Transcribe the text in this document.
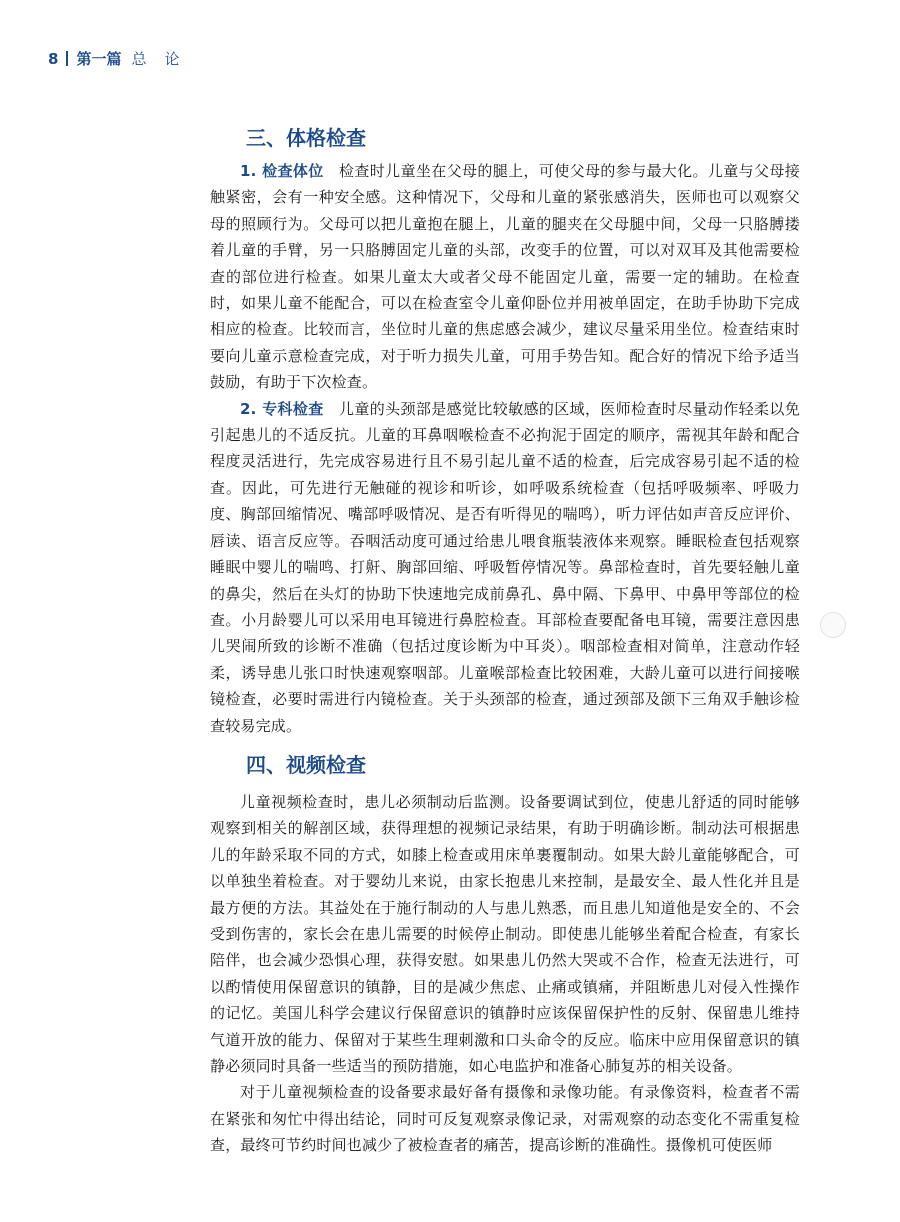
8 第一篇 总论
三、体格检查

1. 检查体位  检查时儿童坐在父母的腿上，可使父母的参与最大化。儿童与父母接触紧密，会有一种安全感。这种情况下，父母和儿童的紧张感消失，医师也可以观察父母的照顾行为。父母可以把儿童抱在腿上，儿童的腿夹在父母腿中间，父母一只胳膊搂着儿童的手臂，另一只胳膊固定儿童的头部，改变手的位置，可以对双耳及其他需要检查的部位进行检查。如果儿童太大或者父母不能固定儿童，需要一定的辅助。在检查时，如果儿童不能配合，可以在检查室令儿童仰卧位并用被单固定，在助手协助下完成相应的检查。比较而言，坐位时儿童的焦虑感会减少，建议尽量采用坐位。检查结束时要向儿童示意检查完成，对于听力损失儿童，可用手势告知。配合好的情况下给予适当鼓励，有助于下次检查。

2. 专科检查  儿童的头颈部是感觉比较敏感的区域，医师检查时尽量动作轻柔以免引起患儿的不适反抗。儿童的耳鼻咽喉检查不必拘泥于固定的顺序，需视其年龄和配合程度灵活进行，先完成容易进行且不易引起儿童不适的检查，后完成容易引起不适的检查。因此，可先进行无触碰的视诊和听诊，如呼吸系统检查（包括呼吸频率、呼吸力度、胸部回缩情况、嘴部呼吸情况、是否有听得见的喘鸣），听力评估如声音反应评价、唇读、语言反应等。吞咽活动度可通过给患儿喂食瓶装液体来观察。睡眠检查包括观察睡眠中婴儿的喘鸣、打鼾、胸部回缩、呼吸暂停情况等。鼻部检查时，首先要轻触儿童的鼻尖，然后在头灯的协助下快速地完成前鼻孔、鼻中隔、下鼻甲、中鼻甲等部位的检查。小月龄婴儿可以采用电耳镜进行鼻腔检查。耳部检查要配备电耳镜，需要注意因患儿哭闹所致的诊断不准确（包括过度诊断为中耳炎）。咽部检查相对简单，注意动作轻柔，诱导患儿张口时快速观察咽部。儿童喉部检查比较困难，大龄儿童可以进行间接喉镜检查，必要时需进行内镜检查。关于头颈部的检查，通过颈部及颌下三角双手触诊检查较易完成。

四、视频检查

儿童视频检查时，患儿必须制动后监测。设备要调试到位，使患儿舒适的同时能够观察到相关的解剖区域，获得理想的视频记录结果，有助于明确诊断。制动法可根据患儿的年龄采取不同的方式，如膝上检查或用床单裹覆制动。如果大龄儿童能够配合，可以单独坐着检查。对于婴幼儿来说，由家长抱患儿来控制，是最安全、最人性化并且是最方便的方法。其益处在于施行制动的人与患儿熟悉，而且患儿知道他是安全的、不会受到伤害的，家长会在患儿需要的时候停止制动。即使患儿能够坐着配合检查，有家长陪伴，也会减少恐惧心理，获得安慰。如果患儿仍然大哭或不合作，检查无法进行，可以酌情使用保留意识的镇静，目的是减少焦虑、止痛或镇痛，并阻断患儿对侵入性操作的记忆。美国儿科学会建议行保留意识的镇静时应该保留保护性的反射、保留患儿维持气道开放的能力、保留对于某些生理刺激和口头命令的反应。临床中应用保留意识的镇静必须同时具备一些适当的预防措施，如心电监护和准备心肺复苏的相关设备。

对于儿童视频检查的设备要求最好备有摄像和录像功能。有录像资料，检查者不需在紧张和匆忙中得出结论，同时可反复观察录像记录，对需观察的动态变化不需重复检查，最终可节约时间也减少了被检查者的痛苦，提高诊断的准确性。摄像机可使医师
